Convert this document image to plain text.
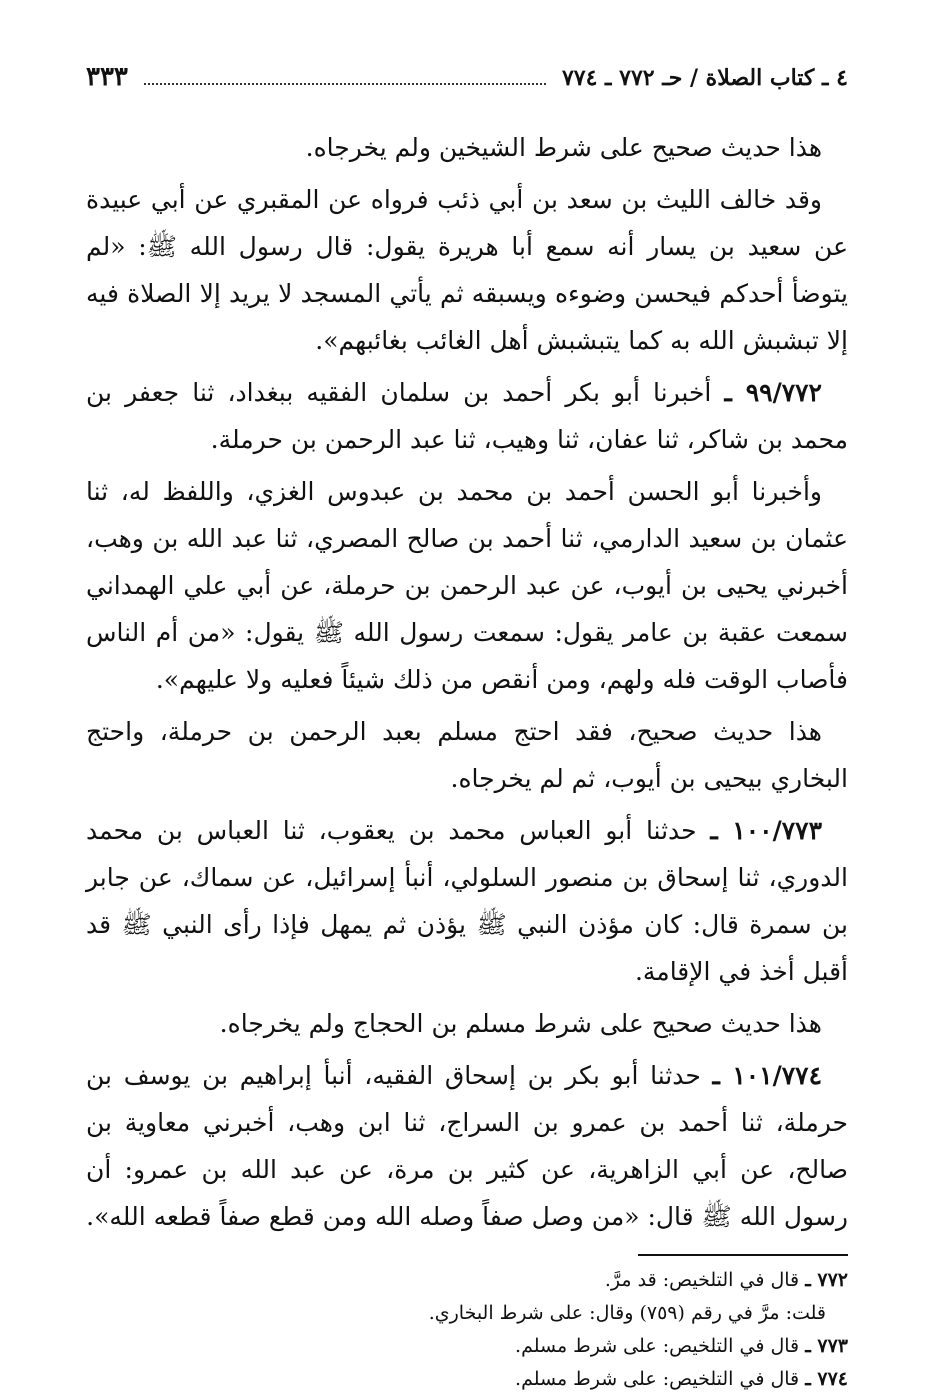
٤ ـ كتاب الصلاة / حـ ٧٧٢ ـ ٧٧٤
٣٣٣

هذا حديث صحيح على شرط الشيخين ولم يخرجاه.

وقد خالف الليث بن سعد بن أبي ذئب فرواه عن المقبري عن أبي عبيدة عن سعيد بن يسار أنه سمع أبا هريرة يقول: قال رسول الله ﷺ: «لم يتوضأ أحدكم فيحسن وضوءه ويسبقه ثم يأتي المسجد لا يريد إلا الصلاة فيه إلا تبشبش الله به كما يتبشبش أهل الغائب بغائبهم».

٩٩/٧٧٢ ـ أخبرنا أبو بكر أحمد بن سلمان الفقيه ببغداد، ثنا جعفر بن محمد بن شاكر، ثنا عفان، ثنا وهيب، ثنا عبد الرحمن بن حرملة.

وأخبرنا أبو الحسن أحمد بن محمد بن عبدوس الغزي، واللفظ له، ثنا عثمان بن سعيد الدارمي، ثنا أحمد بن صالح المصري، ثنا عبد الله بن وهب، أخبرني يحيى بن أيوب، عن عبد الرحمن بن حرملة، عن أبي علي الهمداني سمعت عقبة بن عامر يقول: سمعت رسول الله ﷺ يقول: «من أم الناس فأصاب الوقت فله ولهم، ومن أنقص من ذلك شيئاً فعليه ولا عليهم».

هذا حديث صحيح، فقد احتج مسلم بعبد الرحمن بن حرملة، واحتج البخاري بيحيى بن أيوب، ثم لم يخرجاه.

١٠٠/٧٧٣ ـ حدثنا أبو العباس محمد بن يعقوب، ثنا العباس بن محمد الدوري، ثنا إسحاق بن منصور السلولي، أنبأ إسرائيل، عن سماك، عن جابر بن سمرة قال: كان مؤذن النبي ﷺ يؤذن ثم يمهل فإذا رأى النبي ﷺ قد أقبل أخذ في الإقامة.

هذا حديث صحيح على شرط مسلم بن الحجاج ولم يخرجاه.

١٠١/٧٧٤ ـ حدثنا أبو بكر بن إسحاق الفقيه، أنبأ إبراهيم بن يوسف بن حرملة، ثنا أحمد بن عمرو بن السراج، ثنا ابن وهب، أخبرني معاوية بن صالح، عن أبي الزاهرية، عن كثير بن مرة، عن عبد الله بن عمرو: أن رسول الله ﷺ قال: «من وصل صفاً وصله الله ومن قطع صفاً قطعه الله».

٧٧٢ ـ قال في التلخيص: قد مرَّ.

قلت: مرَّ في رقم (٧٥٩) وقال: على شرط البخاري.

٧٧٣ ـ قال في التلخيص: على شرط مسلم.

٧٧٤ ـ قال في التلخيص: على شرط مسلم.
